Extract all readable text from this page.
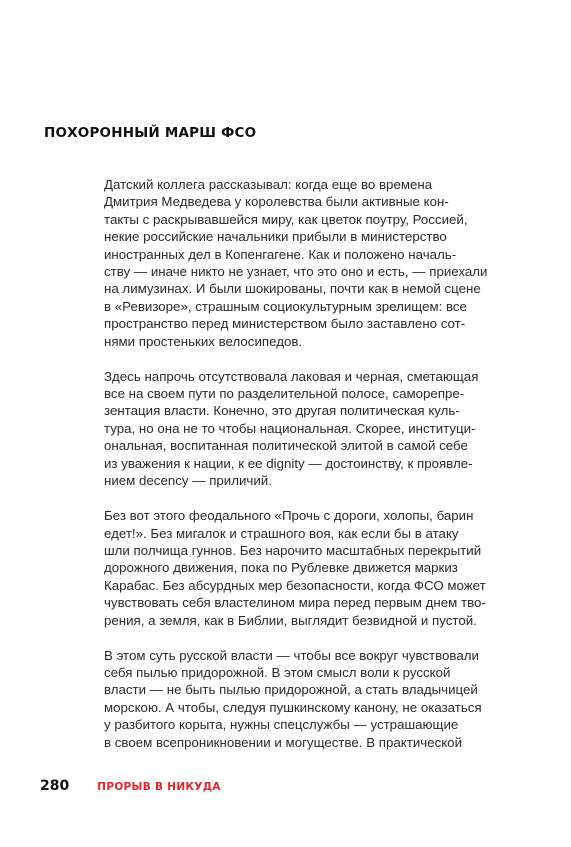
ПОХОРОННЫЙ МАРШ ФСО

Датский коллега рассказывал: когда еще во времена
Дмитрия Медведева у королевства были активные кон-
такты с раскрывавшейся миру, как цветок поутру, Россией,
некие российские начальники прибыли в министерство
иностранных дел в Копенгагене. Как и положено началь-
ству — иначе никто не узнает, что это оно и есть, — приехали
на лимузинах. И были шокированы, почти как в немой сцене
в «Ревизоре», страшным социокультурным зрелищем: все
пространство перед министерством было заставлено сот-
нями простеньких велосипедов.

Здесь напрочь отсутствовала лаковая и черная, сметающая
все на своем пути по разделительной полосе, саморепре-
зентация власти. Конечно, это другая политическая куль-
тура, но она не то чтобы национальная. Скорее, институци-
ональная, воспитанная политической элитой в самой себе
из уважения к нации, к ее dignity — достоинству, к проявле-
нием decency — приличий.

Без вот этого феодального «Прочь с дороги, холопы, барин
едет!». Без мигалок и страшного воя, как если бы в атаку
шли полчища гуннов. Без нарочито масштабных перекрытий
дорожного движения, пока по Рублевке движется маркиз
Карабас. Без абсурдных мер безопасности, когда ФСО может
чувствовать себя властелином мира перед первым днем тво-
рения, а земля, как в Библии, выглядит безвидной и пустой.

В этом суть русской власти — чтобы все вокруг чувствовали
себя пылью придорожной. В этом смысл воли к русской
власти — не быть пылью придорожной, а стать владычицей
морскою. А чтобы, следуя пушкинскому канону, не оказаться
у разбитого корыта, нужны спецслужбы — устрашающие
в своем всепроникновении и могуществе. В практической

280	ПРОРЫВ В НИКУДА
